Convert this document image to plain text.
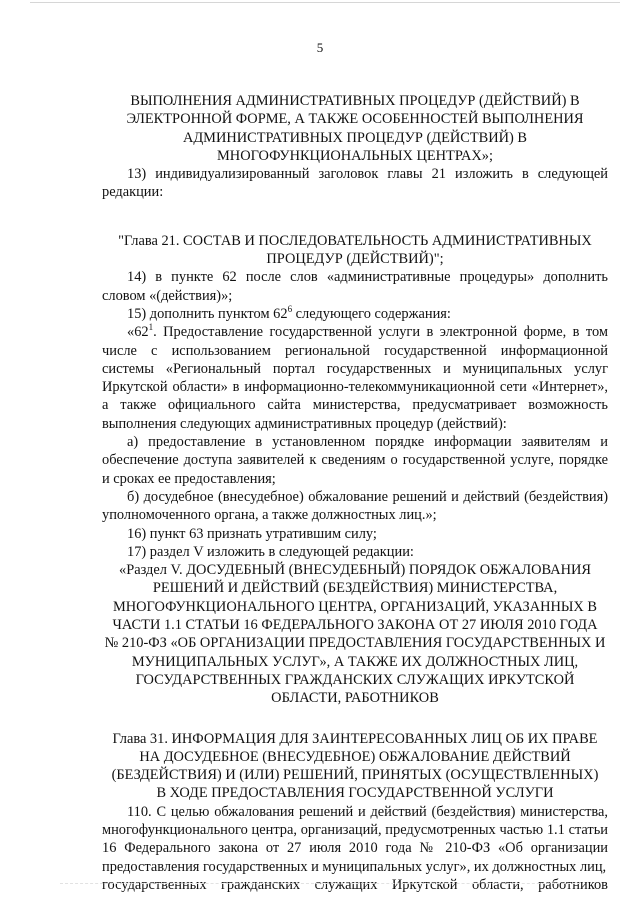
5

ВЫПОЛНЕНИЯ АДМИНИСТРАТИВНЫХ ПРОЦЕДУР (ДЕЙСТВИЙ) В

ЭЛЕКТРОННОЙ ФОРМЕ, А ТАКЖЕ ОСОБЕННОСТЕЙ ВЫПОЛНЕНИЯ

АДМИНИСТРАТИВНЫХ ПРОЦЕДУР (ДЕЙСТВИЙ) В

МНОГОФУНКЦИОНАЛЬНЫХ ЦЕНТРАХ»;

13) индивидуализированный заголовок главы 21 изложить в следующей редакции:

"Глава 21. СОСТАВ И ПОСЛЕДОВАТЕЛЬНОСТЬ АДМИНИСТРАТИВНЫХ

ПРОЦЕДУР (ДЕЙСТВИЙ)";

14) в пункте 62 после слов «административные процедуры» дополнить словом «(действия)»;

15) дополнить пунктом $62^6$ следующего содержания:

«$62^1$. Предоставление государственной услуги в электронной форме, в том числе с использованием региональной государственной информационной системы «Региональный портал государственных и муниципальных услуг Иркутской области» в информационно-телекоммуникационной сети «Интернет», а также официального сайта министерства, предусматривает возможность выполнения следующих административных процедур (действий):

а) предоставление в установленном порядке информации заявителям и обеспечение доступа заявителей к сведениям о государственной услуге, порядке и сроках ее предоставления;

б) досудебное (внесудебное) обжалование решений и действий (бездействия) уполномоченного органа, а также должностных лиц.»;

16) пункт 63 признать утратившим силу;

17) раздел V изложить в следующей редакции:

«Раздел V. ДОСУДЕБНЫЙ (ВНЕСУДЕБНЫЙ) ПОРЯДОК ОБЖАЛОВАНИЯ

РЕШЕНИЙ И ДЕЙСТВИЙ (БЕЗДЕЙСТВИЯ) МИНИСТЕРСТВА,

МНОГОФУНКЦИОНАЛЬНОГО ЦЕНТРА, ОРГАНИЗАЦИЙ, УКАЗАННЫХ В

ЧАСТИ 1.1 СТАТЬИ 16 ФЕДЕРАЛЬНОГО ЗАКОНА ОТ 27 ИЮЛЯ 2010 ГОДА

№ 210-ФЗ «ОБ ОРГАНИЗАЦИИ ПРЕДОСТАВЛЕНИЯ ГОСУДАРСТВЕННЫХ И

МУНИЦИПАЛЬНЫХ УСЛУГ», А ТАКЖЕ ИХ ДОЛЖНОСТНЫХ ЛИЦ,

ГОСУДАРСТВЕННЫХ ГРАЖДАНСКИХ СЛУЖАЩИХ ИРКУТСКОЙ

ОБЛАСТИ, РАБОТНИКОВ

Глава 31. ИНФОРМАЦИЯ ДЛЯ ЗАИНТЕРЕСОВАННЫХ ЛИЦ ОБ ИХ ПРАВЕ

НА ДОСУДЕБНОЕ (ВНЕСУДЕБНОЕ) ОБЖАЛОВАНИЕ ДЕЙСТВИЙ

(БЕЗДЕЙСТВИЯ) И (ИЛИ) РЕШЕНИЙ, ПРИНЯТЫХ (ОСУЩЕСТВЛЕННЫХ)

В ХОДЕ ПРЕДОСТАВЛЕНИЯ ГОСУДАРСТВЕННОЙ УСЛУГИ

110. С целью обжалования решений и действий (бездействия) министерства, многофункционального центра, организаций, предусмотренных частью 1.1 статьи 16 Федерального закона от 27 июля 2010 года № 210-ФЗ «Об организации предоставления государственных и муниципальных услуг», их должностных лиц,

государственных гражданских служащих Иркутской области, работников
